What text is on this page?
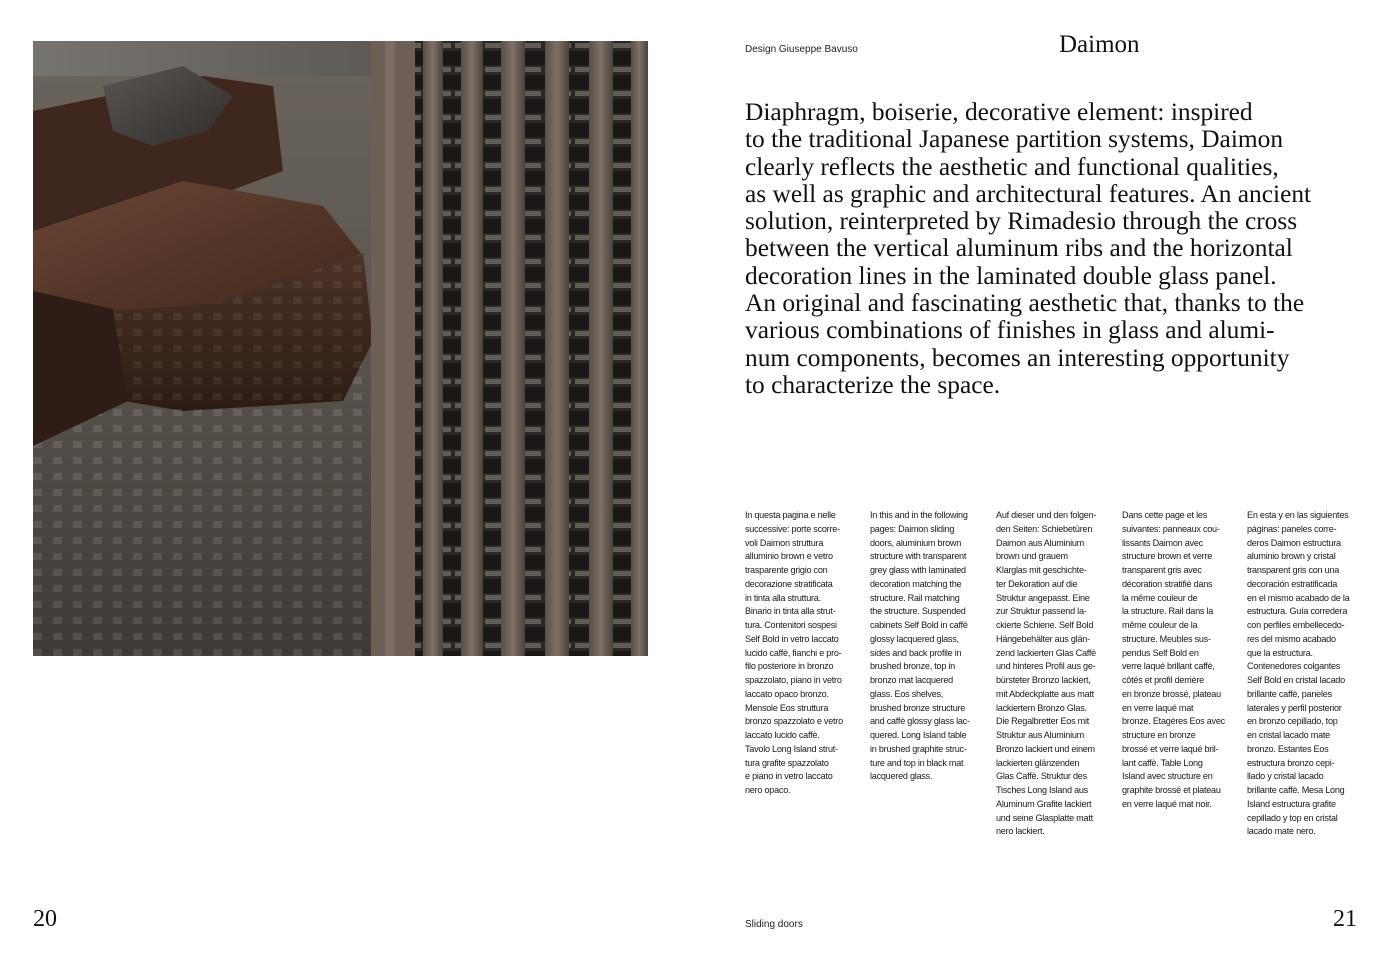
Design Giuseppe Bavuso	Daimon
Diaphragm, boiserie, decorative element: inspired
to the traditional Japanese partition systems, Daimon
clearly reflects the aesthetic and functional qualities,
as well as graphic and architectural features. An ancient
solution, reinterpreted by Rimadesio through the cross
between the vertical aluminum ribs and the horizontal
decoration lines in the laminated double glass panel.
An original and fascinating aesthetic that, thanks to the
various combinations of finishes in glass and alumi-
num components, becomes an interesting opportunity
to characterize the space.
In questa pagina e nelle
successive: porte scorre-
voli Daimon struttura
alluminio brown e vetro
trasparente grigio con
decorazione stratificata
in tinta alla struttura.
Binario in tinta alla strut-
tura. Contenitori sospesi
Self Bold in vetro laccato
lucido caffè, fianchi e pro-
filo posteriore in bronzo
spazzolato, piano in vetro
laccato opaco bronzo.
Mensole Eos struttura
bronzo spazzolato e vetro
laccato lucido caffè.
Tavolo Long Island strut-
tura grafite spazzolato
e piano in vetro laccato
nero opaco.
In this and in the following
pages: Daimon sliding
doors, aluminium brown
structure with transparent
grey glass with laminated
decoration matching the
structure. Rail matching
the structure. Suspended
cabinets Self Bold in caffè
glossy lacquered glass,
sides and back profile in
brushed bronze, top in
bronzo mat lacquered
glass. Eos shelves,
brushed bronze structure
and caffè glossy glass lac-
quered. Long Island table
in brushed graphite struc-
ture and top in black mat
lacquered glass.
Auf dieser und den folgen-
den Seiten: Schiebetüren
Daimon aus Aluminium
brown und grauem
Klarglas mit geschichte-
ter Dekoration auf die
Struktur angepasst. Eine
zur Struktur passend la-
ckierte Schiene. Self Bold
Hängebehälter aus glän-
zend lackierten Glas Caffè
und hinteres Profil aus ge-
bürsteter Bronzo lackiert,
mit Abdeckplatte aus matt
lackiertem Bronzo Glas.
Die Regalbretter Eos mit
Struktur aus Aluminium
Bronzo lackiert und einem
lackierten glänzenden
Glas Caffè. Struktur des
Tisches Long Island aus
Aluminum Grafite lackiert
und seine Glasplatte matt
nero lackiert.
Dans cette page et les
suivantes: panneaux cou-
lissants Daimon avec
structure brown et verre
transparent gris avec
décoration stratifié dans
la même couleur de
la structure. Rail dans la
même couleur de la
structure. Meubles sus-
pendus Self Bold en
verre laqué brillant caffè,
côtés et profil derrière
en bronze brossé, plateau
en verre laqué mat
bronze. Etagères Eos avec
structure en bronze
brossé et verre laqué bril-
lant caffè. Table Long
Island avec structure en
graphite brossé et plateau
en verre laqué mat noir.
En esta y en las siguientes
páginas: paneles corre-
deros Daimon estructura
aluminio brown y cristal
transparent gris con una
decoración estratificada
en el mismo acabado de la
estructura. Guía corredera
con perfiles embellecedo-
res del mismo acabado
que la estructura.
Contenedores colgantes
Self Bold en cristal lacado
brillante caffè, paneles
laterales y perfil posterior
en bronzo cepillado, top
en cristal lacado mate
bronzo. Estantes Eos
estructura bronzo cepi-
llado y cristal lacado
brillante caffè. Mesa Long
Island estructura grafite
cepillado y top en cristal
lacado mate nero.
20	Sliding doors	21
